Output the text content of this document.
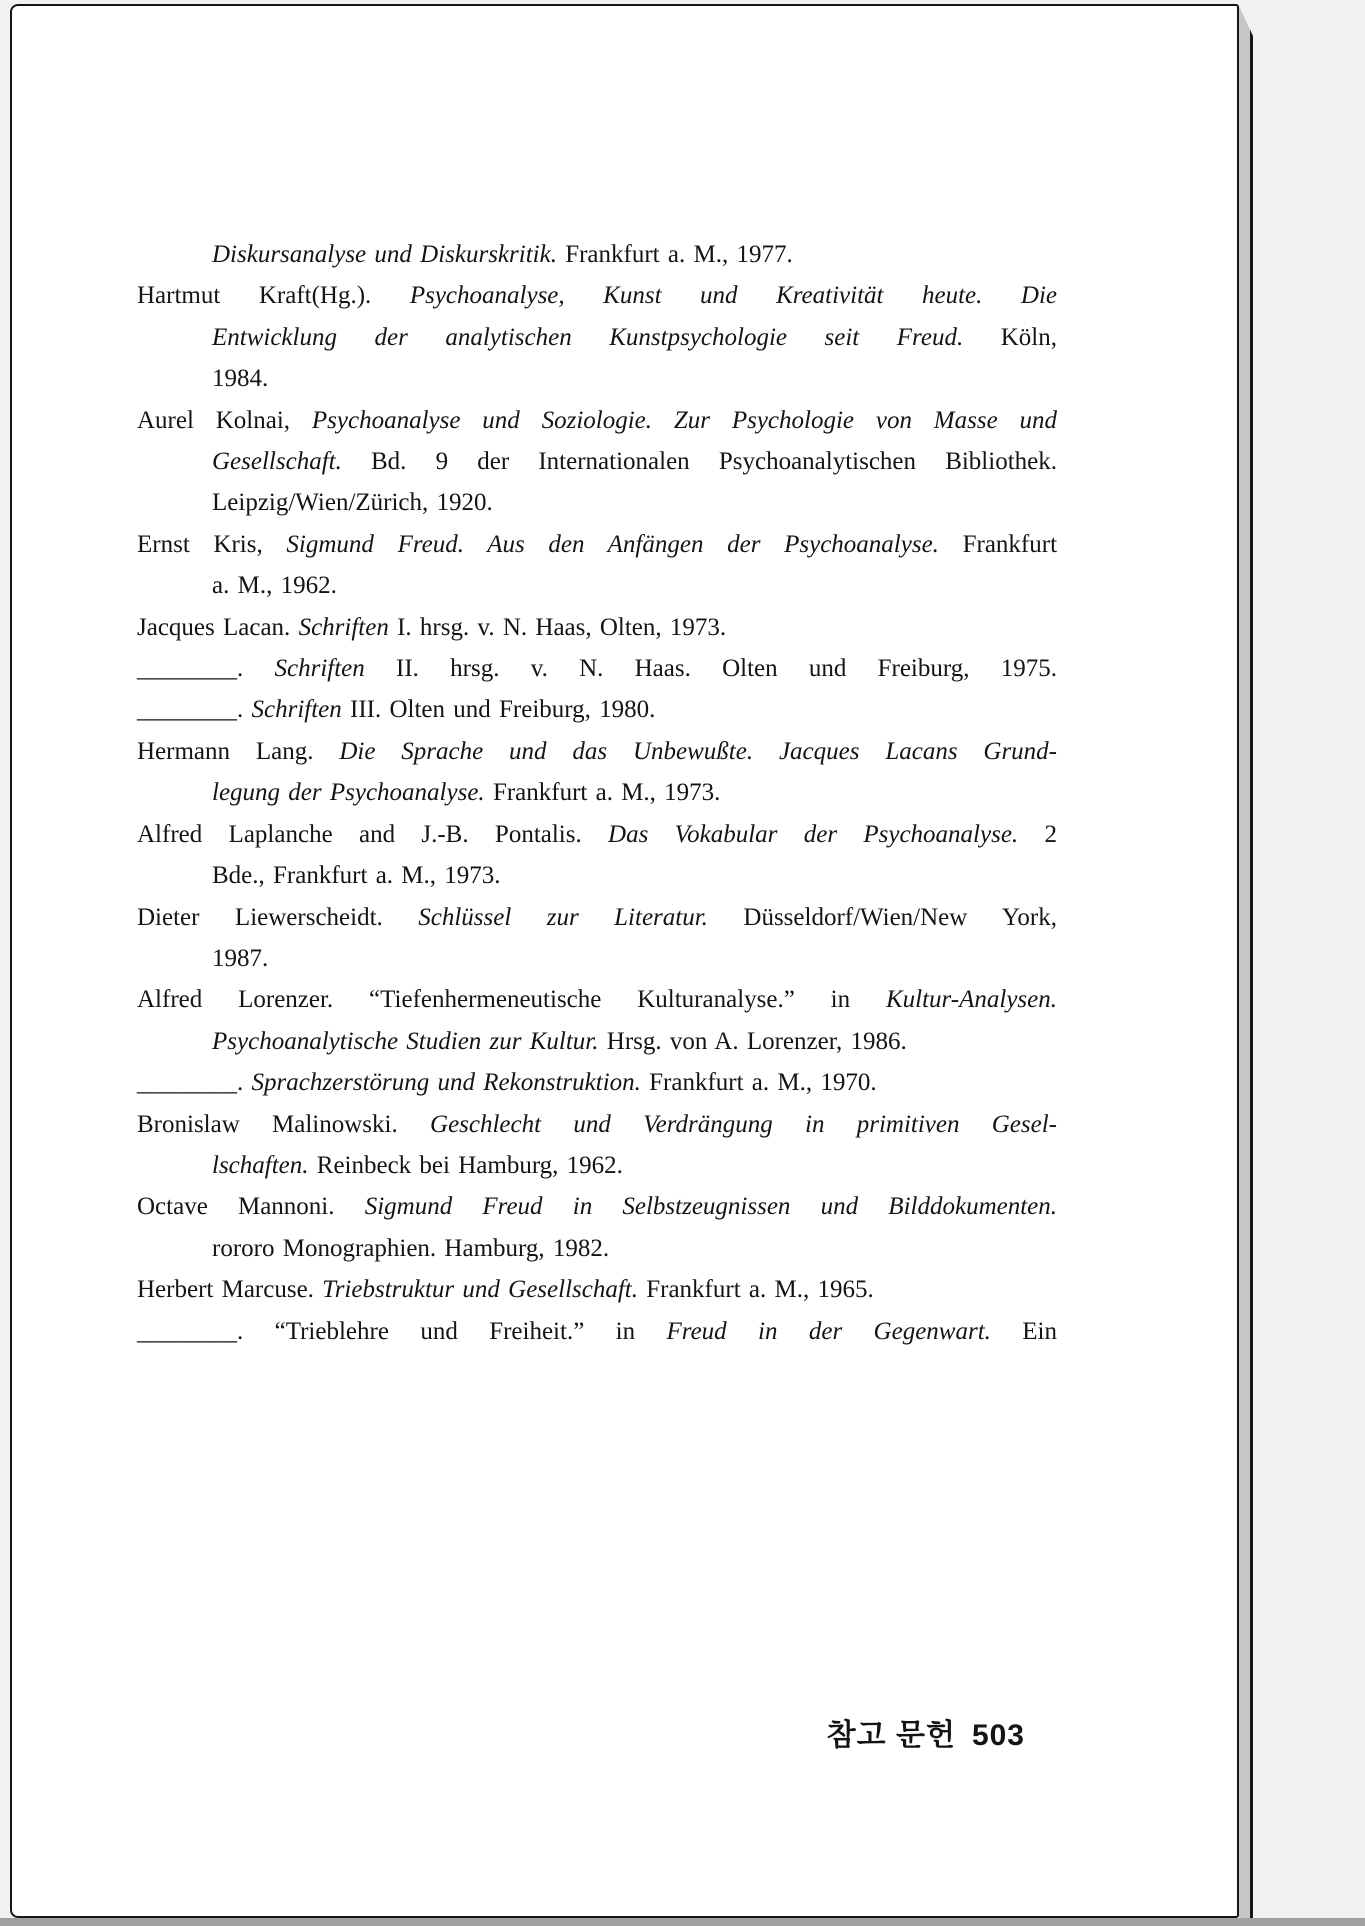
Diskursanalyse und Diskurskritik. Frankfurt a. M., 1977.
Hartmut Kraft(Hg.). Psychoanalyse, Kunst und Kreativität heute. Die
Entwicklung der analytischen Kunstpsychologie seit Freud. Köln,
1984.
Aurel Kolnai, Psychoanalyse und Soziologie. Zur Psychologie von Masse und
Gesellschaft. Bd. 9 der Internationalen Psychoanalytischen Bibliothek.
Leipzig/Wien/Zürich, 1920.
Ernst Kris, Sigmund Freud. Aus den Anfängen der Psychoanalyse. Frankfurt
a. M., 1962.
Jacques Lacan. Schriften I. hrsg. v. N. Haas, Olten, 1973.
________. Schriften II. hrsg. v. N. Haas. Olten und Freiburg, 1975.
________. Schriften III. Olten und Freiburg, 1980.
Hermann Lang. Die Sprache und das Unbewußte. Jacques Lacans Grund-
legung der Psychoanalyse. Frankfurt a. M., 1973.
Alfred Laplanche and J.-B. Pontalis. Das Vokabular der Psychoanalyse. 2
Bde., Frankfurt a. M., 1973.
Dieter Liewerscheidt. Schlüssel zur Literatur. Düsseldorf/Wien/New York,
1987.
Alfred Lorenzer. “Tiefenhermeneutische Kulturanalyse.” in Kultur-Analysen.
Psychoanalytische Studien zur Kultur. Hrsg. von A. Lorenzer, 1986.
________. Sprachzerstörung und Rekonstruktion. Frankfurt a. M., 1970.
Bronislaw Malinowski. Geschlecht und Verdrängung in primitiven Gesel-
lschaften. Reinbeck bei Hamburg, 1962.
Octave Mannoni. Sigmund Freud in Selbstzeugnissen und Bilddokumenten.
rororo Monographien. Hamburg, 1982.
Herbert Marcuse. Triebstruktur und Gesellschaft. Frankfurt a. M., 1965.
________. “Trieblehre und Freiheit.” in Freud in der Gegenwart. Ein
참고 문헌 503
